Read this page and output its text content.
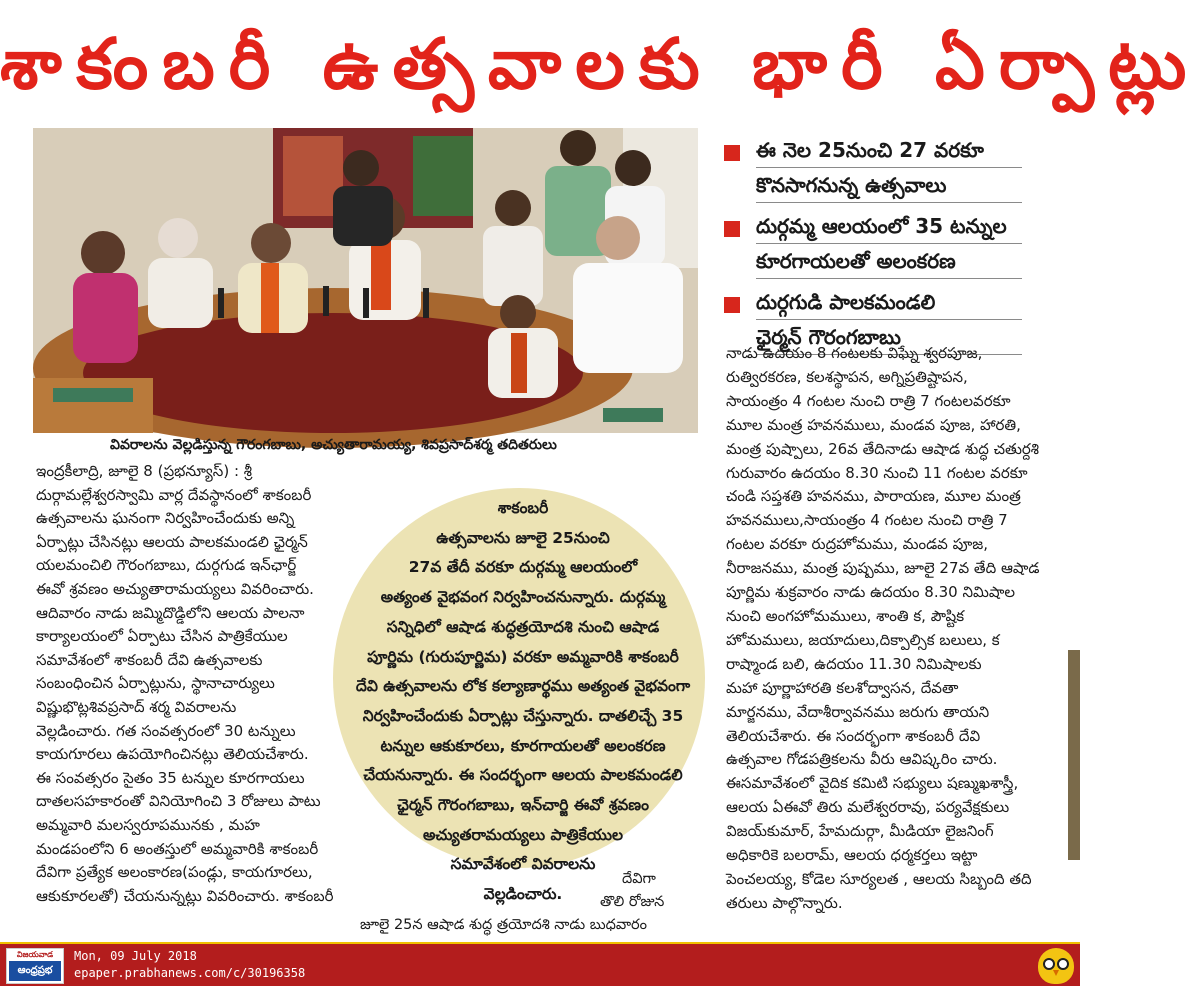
శాకంబరీ ఉత్సవాలకు భారీ ఏర్పాట్లు
వివరాలను వెల్లడిస్తున్న గౌరంగబాబు, అచ్యుతారామయ్య, శివప్రసాద్‌శర్మ తదితరులు
ఈ నెల 25నుంచి 27 వరకూ
కొనసాగనున్న ఉత్సవాలు
దుర్గమ్మ ఆలయంలో 35 టన్నుల
కూరగాయలతో అలంకరణ
దుర్గగుడి పాలకమండలి
ఛైర్మన్ గౌరంగబాబు

ఇంద్రకీలాద్రి, జూలై 8 (ప్రభన్యూస్) : శ్రీ

దుర్గామల్లేశ్వరస్వామి వార్ల దేవస్థానంలో శాకంబరీ

ఉత్సవాలను ఘనంగా నిర్వహించేందుకు అన్ని

ఏర్పాట్లు చేసినట్లు ఆలయ పాలకమండలి ఛైర్మన్

యలమంచిలి గౌరంగబాబు, దుర్గగుడ ఇన్‌ఛార్జ్

ఈవో శ్రవణం అచ్యుతారామయ్యలు వివరించారు.

ఆదివారం నాడు జమ్మిదొడ్డిలోని ఆలయ పాలనా

కార్యాలయంలో ఏర్పాటు చేసిన పాత్రికేయుల

సమావేశంలో శాకంబరీ దేవి ఉత్సవాలకు

సంబంధించిన ఏర్పాట్లును, స్థానాచార్యులు

విష్ణుభొట్లశివప్రసాద్ శర్మ వివరాలను

వెల్లడించారు. గత సంవత్సరంలో 30 టన్నులు

కాయగూరలు ఉపయోగించినట్లు తెలియచేశారు.

ఈ సంవత్సరం సైతం 35 టన్నుల కూరగాయలు

దాతలసహకారంతో వినియోగించి 3 రోజులు పాటు

అమ్మవారి మలస్వరూపమునకు , మహ

మండపంలోని 6 అంతస్తులో అమ్మవారికి శాకంబరీ

దేవిగా ప్రత్యేక అలంకారణ(పండ్లు, కాయగూరలు,

ఆకుకూరలతో) చేయనున్నట్లు వివరించారు. శాకంబరీ

శాకంబరీ

ఉత్సవాలను జూలై 25నుంచి

27వ తేదీ వరకూ దుర్గమ్మ ఆలయంలో

అత్యంత వైభవంగ నిర్వహించనున్నారు. దుర్గమ్మ

సన్నిధిలో ఆషాడ శుద్ధత్రయోదశి నుంచి ఆషాడ

పూర్ణిమ (గురుపూర్ణిమ) వరకూ అమ్మవారికి శాకంబరీ

దేవి ఉత్సవాలను లోక కల్యాణార్థము అత్యంత వైభవంగా

నిర్వహించేందుకు ఏర్పాట్లు చేస్తున్నారు. దాతలిచ్చే 35

టన్నుల ఆకుకూరలు, కూరగాయలతో అలంకరణ

చేయనున్నారు. ఈ సందర్భంగా ఆలయ పాలకమండలి

ఛైర్మన్ గౌరంగబాబు, ఇన్‌చార్జి ఈవో శ్రవణం

అచ్యుతరామయ్యలు పాత్రికేయుల

సమావేశంలో వివరాలను

వెల్లడించారు.

దేవిగా

తొలి రోజున

జూలై 25న ఆషాడ శుద్ధ త్రయోదశి నాడు బుధవారం

నాడు ఉదయం 8 గంటలకు విఘ్నే శ్వరపూజ,

రుత్విరకరణ, కలశస్థాపన, అగ్నిప్రతిష్టాపన,

సాయంత్రం 4 గంటల నుంచి రాత్రి 7 గంటలవరకూ

మూల మంత్ర హవనములు, మండవ పూజ, హారతి,

మంత్ర పుష్పాలు, 26వ తేదినాడు ఆషాడ శుద్ధ చతుర్దశి

గురువారం ఉదయం 8.30 నుంచి 11 గంటల వరకూ

చండి సప్తశతి హవనము, పారాయణ, మూల మంత్ర

హవనములు,సాయంత్రం 4 గంటల నుంచి రాత్రి 7

గంటల వరకూ రుద్రహోమము, మండవ పూజ,

నీరాజనము, మంత్ర పుష్పము, జూలై 27వ తేది ఆషాడ

పూర్ణిమ శుక్రవారం నాడు ఉదయం 8.30 నిమిషాల

నుంచి అంగహోమములు, శాంతి క, పౌష్టిక

హోమములు, జయాదులు,దిక్పాల్సిక బలులు, క

రాష్మాండ బలి, ఉదయం 11.30 నిమిషాలకు

మహా పూర్ణాహారతి కలశోద్వాసన, దేవతా

మార్జనము, వేదాశీర్వావనము జరుగు తాయని

తెలియచేశారు. ఈ సందర్భంగా శాకంబరీ దేవి

ఉత్సవాల గోడపత్రికలను వీరు ఆవిష్కరిం చారు.

ఈసమావేశంలో వైదిక కమిటి సభ్యులు షణ్ముఖశాస్త్రీ,

ఆలయ ఏఈవో తిరు మలేశ్వరరావు, పర్యవేక్షకులు

విజయ్‌కుమార్, హేమదుర్గా, మీడియా లైజనింగ్

అధికారికె బలరామ్, ఆలయ ధర్మకర్తలు ఇట్టా

పెంచలయ్య, కోడెల సూర్యలత , ఆలయ సిబ్బంది తది

తరులు పాల్గొన్నారు.

విజయవాడ
ఆంధ్రప్రభ
Mon, 09 July 2018
epaper.prabhanews.com/c/30196358
